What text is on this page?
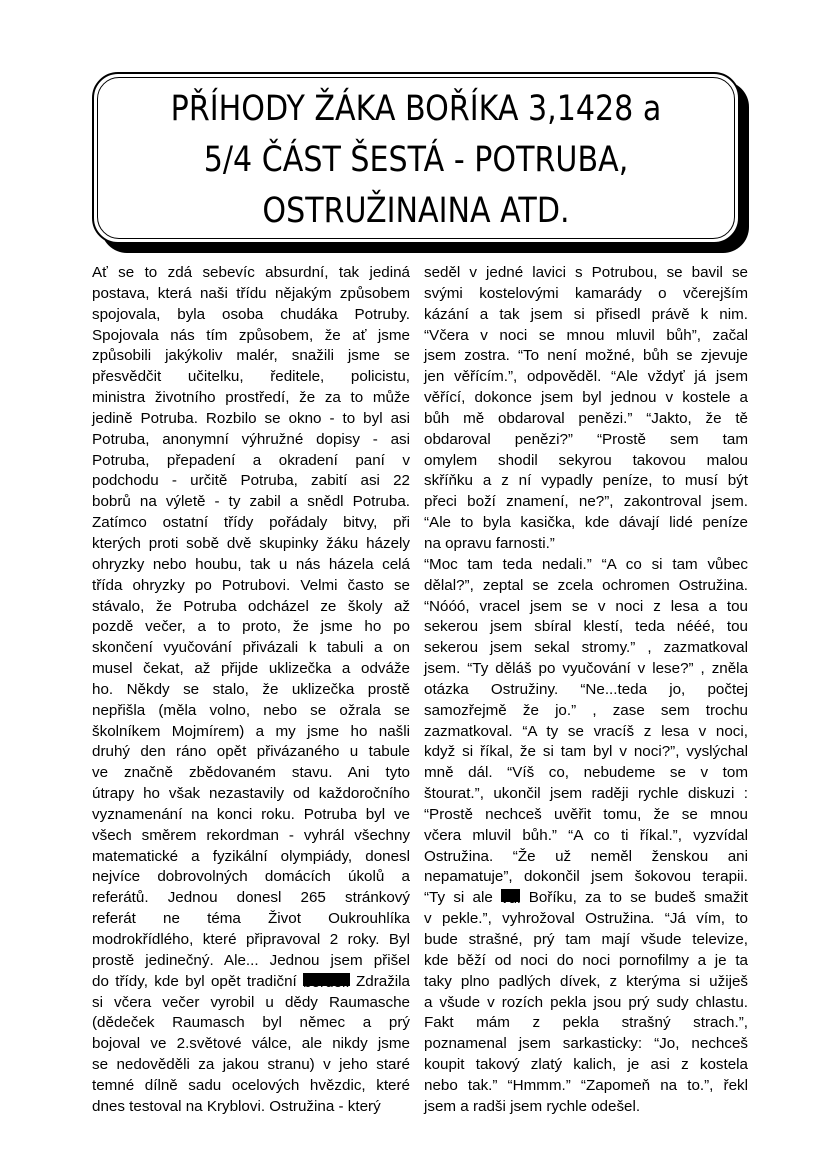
PŘÍHODY ŽÁKA BOŘÍKA 3,1428 a
5/4 ČÁST ŠESTÁ - POTRUBA,
OSTRUŽINAINA ATD.
Ať se to zdá sebevíc absurdní, tak jediná
postava, která naši třídu nějakým způsobem
spojovala, byla osoba chudáka Potruby.
Spojovala nás tím způsobem, že ať jsme
způsobili jakýkoliv malér, snažili jsme se
přesvědčit učitelku, ředitele, policistu,
ministra životního prostředí, že za to může
jedině Potruba. Rozbilo se okno - to byl asi
Potruba, anonymní výhružné dopisy - asi
Potruba, přepadení a okradení paní v
podchodu - určitě Potruba, zabití asi 22
bobrů na výletě - ty zabil a snědl Potruba.
Zatímco ostatní třídy pořádaly bitvy, při
kterých proti sobě dvě skupinky žáku házely
ohryzky nebo houbu, tak u nás házela celá
třída ohryzky po Potrubovi. Velmi často se
stávalo, že Potruba odcházel ze školy až
pozdě večer, a to proto, že jsme ho po
skončení vyučování přivázali k tabuli a on
musel čekat, až přijde uklizečka a odváže
ho. Někdy se stalo, že uklizečka prostě
nepřišla (měla volno, nebo se ožrala se
školníkem Mojmírem) a my jsme ho našli
druhý den ráno opět přivázaného u tabule
ve značně zbědovaném stavu. Ani tyto
útrapy ho však nezastavily od každoročního
vyznamenání na konci roku. Potruba byl ve
všech směrem rekordman - vyhrál všechny
matematické a fyzikální olympiády, donesl
nejvíce dobrovolných domácích úkolů a
referátů. Jednou donesl 265 stránkový
referát ne téma Život Oukrouhlíka
modrokřídlého, které připravoval 2 roky. Byl
prostě jedinečný. Ale... Jednou jsem přišel
do třídy, kde byl opět tradiční bordel. Zdražila
si včera večer vyrobil u dědy Raumasche
(dědeček Raumasch byl němec a prý
bojoval ve 2.světové válce, ale nikdy jsme
se nedověděli za jakou stranu) v jeho staré
temné dílně sadu ocelových hvězdic, které
dnes testoval na Kryblovi. Ostružina - který
seděl v jedné lavici s Potrubou, se bavil se
svými kostelovými kamarády o včerejším
kázání a tak jsem si přisedl právě k nim.
“Včera v noci se mnou mluvil bůh”, začal
jsem zostra. “To není možné, bůh se zjevuje
jen věřícím.”, odpověděl. “Ale vždyť já jsem
věřící, dokonce jsem byl jednou v kostele a
bůh mě obdaroval penězi.” “Jakto, že tě
obdaroval penězi?” “Prostě sem tam
omylem shodil sekyrou takovou malou
skříňku a z ní vypadly peníze, to musí být
přeci boží znamení, ne?”, zakontroval jsem.
“Ale to byla kasička, kde dávají lidé peníze
na opravu farnosti.”
“Moc tam teda nedali.” “A co si tam vůbec
dělal?”, zeptal se zcela ochromen Ostružina.
“Nóóó, vracel jsem se v noci z lesa a tou
sekerou jsem sbíral klestí, teda nééé, tou
sekerou jsem sekal stromy.” , zazmatkoval
jsem. “Ty děláš po vyučování v lese?” , zněla
otázka Ostružiny. “Ne...teda jo, počtej
samozřejmě že jo.” , zase sem trochu
zazmatkoval. “A ty se vracíš z lesa v noci,
když si říkal, že si tam byl v noci?”, vyslýchal
mně dál. “Víš co, nebudeme se v tom
štourat.”, ukončil jsem raději rychle diskuzi :
“Prostě nechceš uvěřit tomu, že se mnou
včera mluvil bůh.” “A co ti říkal.”, vyzvídal
Ostružina. “Že už neměl ženskou ani
nepamatuje”, dokončil jsem šokovou terapii.
“Ty si ale vůl Boříku, za to se budeš smažit
v pekle.”, vyhrožoval Ostružina. “Já vím, to
bude strašné, prý tam mají všude televize,
kde běží od noci do noci pornofilmy a je ta
taky plno padlých dívek, z kterýma si užiješ
a všude v rozích pekla jsou prý sudy chlastu.
Fakt mám z pekla strašný strach.”,
poznamenal jsem sarkasticky: “Jo, nechceš
koupit takový zlatý kalich, je asi z kostela
nebo tak.” “Hmmm.” “Zapomeň na to.”, řekl
jsem a radši jsem rychle odešel.
